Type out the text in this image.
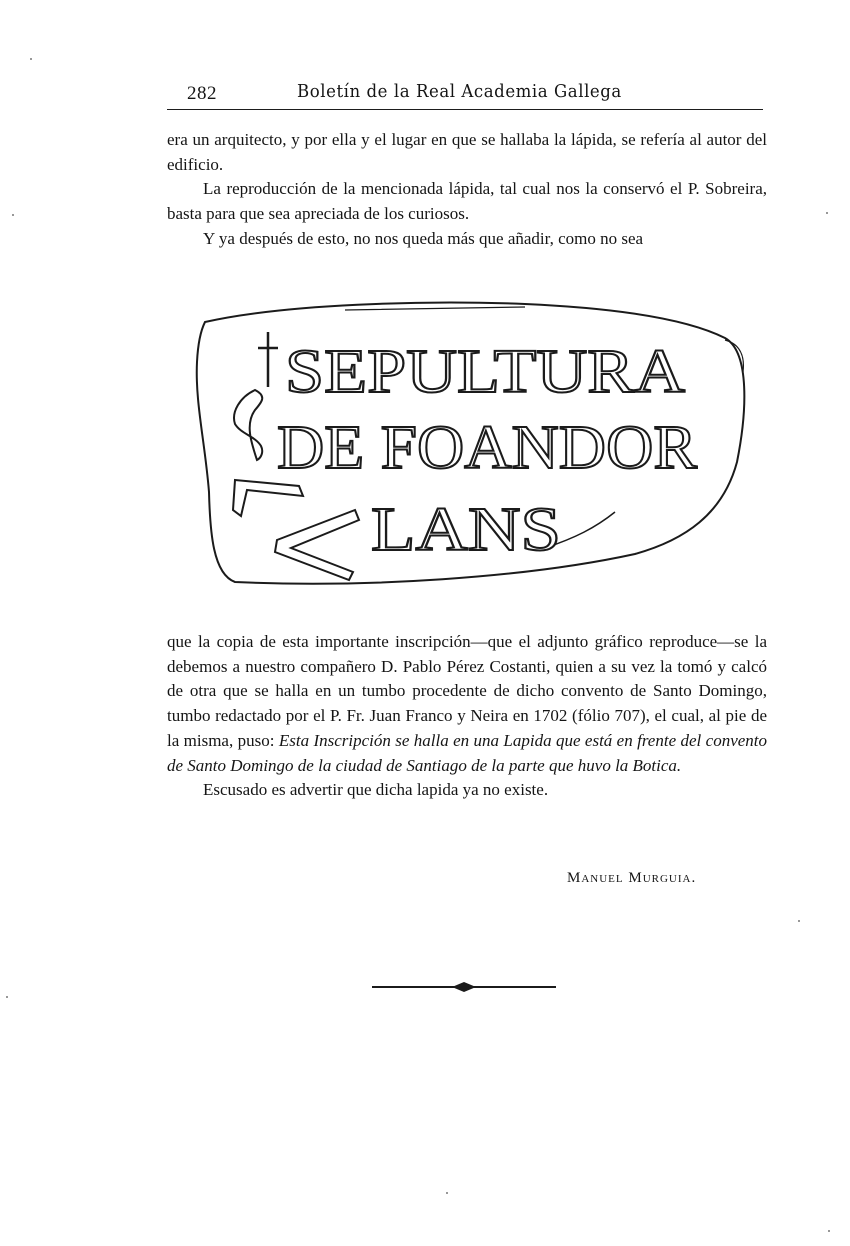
282	Boletín de la Real Academia Gallega

era un arquitecto, y por ella y el lugar en que se hallaba la lápida, se refería al autor del edificio.

La reproducción de la mencionada lápida, tal cual nos la conservó el P. Sobreira, basta para que sea apreciada de los curiosos.

Y ya después de esto, no nos queda más que añadir, como no sea

SEPULTURA
DE FOANDOR
LANS

que la copia de esta importante inscripción—que el adjunto gráfico reproduce—se la debemos a nuestro compañero D. Pablo Pérez Costanti, quien a su vez la tomó y calcó de otra que se halla en un tumbo procedente de dicho convento de Santo Domingo, tumbo redactado por el P. Fr. Juan Franco y Neira en 1702 (fólio 707), el cual, al pie de la misma, puso: Esta Inscripción se halla en una Lapida que está en frente del convento de Santo Domingo de la ciudad de Santiago de la parte que huvo la Botica.

Escusado es advertir que dicha lapida ya no existe.

Manuel Murguia.
